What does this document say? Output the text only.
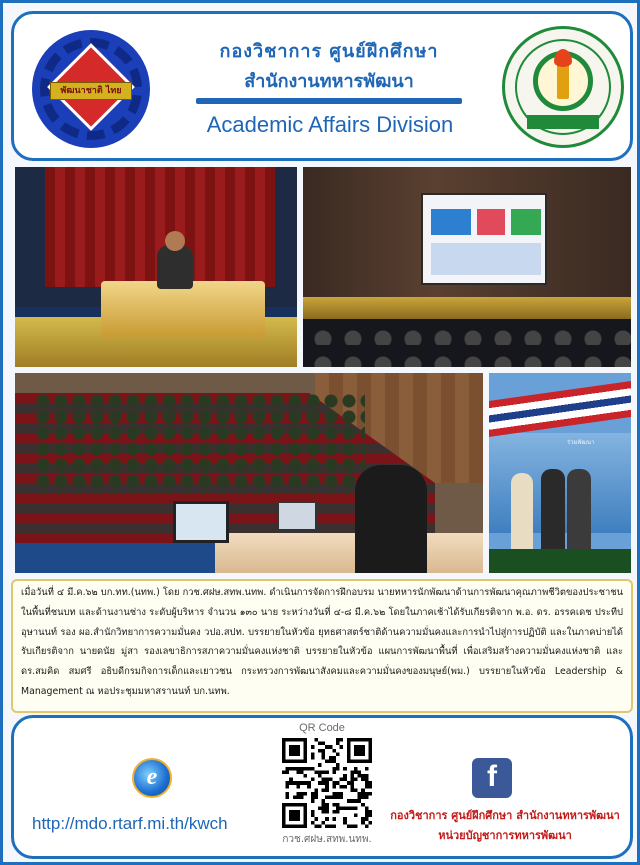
พัฒนาชาติ ไทย
กองวิชาการ ศูนย์ฝึกศึกษา
สำนักงานทหารพัฒนา
Academic Affairs Division
ร่วมพัฒนา

เมื่อวันที่ ๔ มี.ค.๖๒ บก.ทท.(นทพ.) โดย กวช.ศฝษ.สทพ.นทพ. ดำเนินการจัดการฝึกอบรม นายทหารนักพัฒนาด้านการพัฒนาคุณภาพชีวิตของประชาชนในพื้นที่ชนบท และด้านงานช่าง ระดับผู้บริหาร จำนวน ๑๓๐ นาย ระหว่างวันที่ ๔-๘ มี.ค.๖๒ โดยในภาคเช้าได้รับเกียรติจาก พ.อ. ดร. อรรคเดช ประทีปอุษานนท์ รอง ผอ.สำนักวิทยาการความมั่นคง วปอ.สปท. บรรยายในหัวข้อ ยุทธศาสตร์ชาติด้านความมั่นคงและการนำไปสู่การปฏิบัติ และในภาคบ่ายได้รับเกียรติจาก นายดนัย มู่สา รองเลขาธิการสภาความมั่นคงแห่งชาติ บรรยายในหัวข้อ แผนการพัฒนาพื้นที่ เพื่อเสริมสร้างความมั่นคงแห่งชาติ และ ดร.สมคิด สมศรี อธิบดีกรมกิจการเด็กและเยาวชน กระทรวงการพัฒนาสังคมและความมั่นคงของมนุษย์(พม.) บรรยายในหัวข้อ Leadership & Management ณ หอประชุมมหาสรานนท์ บก.นทพ.

e
http://mdo.rtarf.mi.th/kwch
QR Code
กวช.ศฝษ.สทพ.นทพ.
f
กองวิชาการ ศูนย์ฝึกศึกษา สำนักงานทหารพัฒนา
หน่วยบัญชาการทหารพัฒนา
